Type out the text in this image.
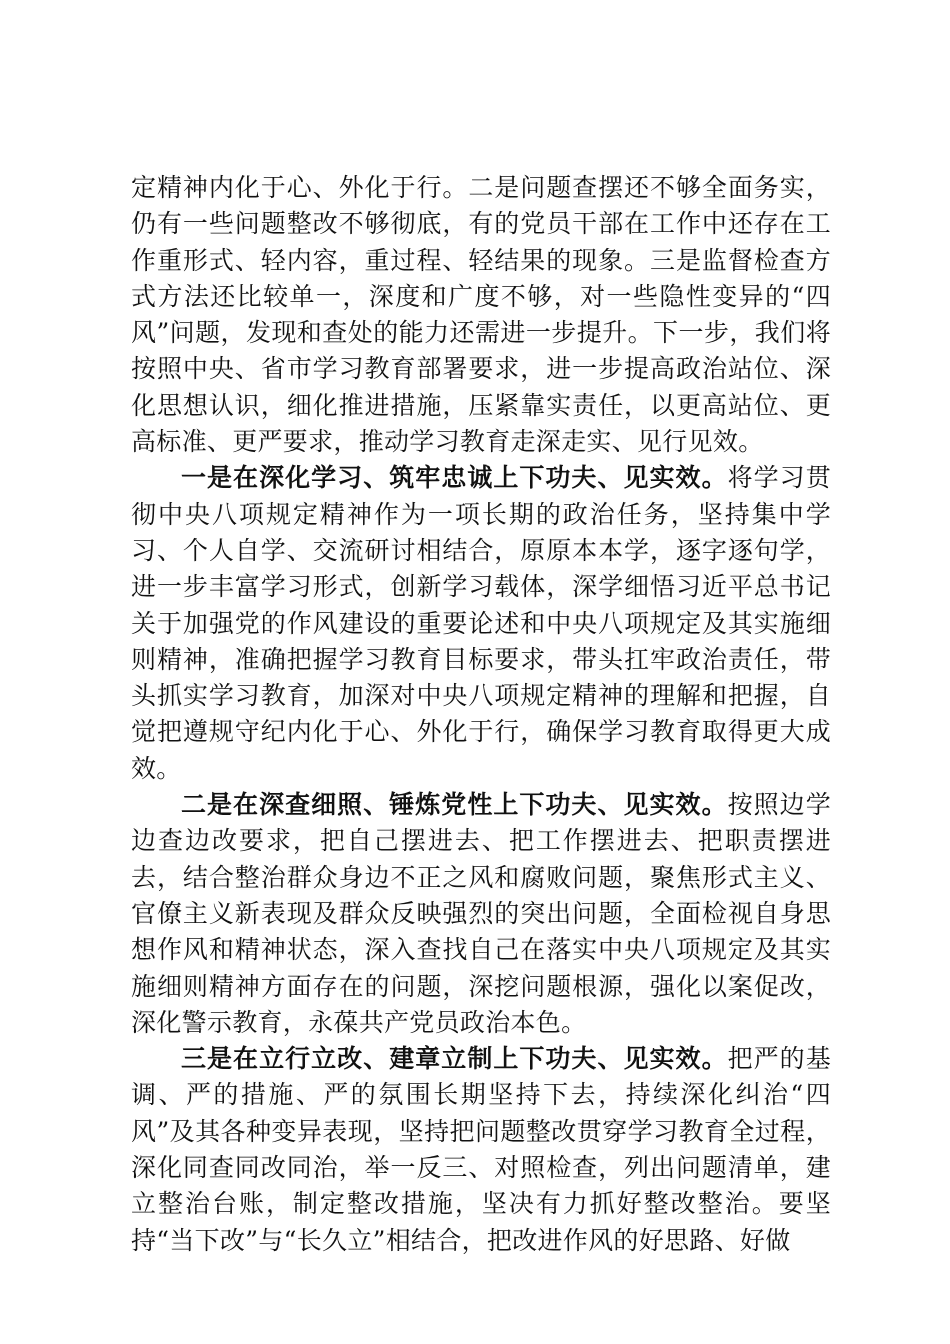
定精神内化于心、外化于行。二是问题查摆还不够全面务实，仍有一些问题整改不够彻底，有的党员干部在工作中还存在工作重形式、轻内容，重过程、轻结果的现象。三是监督检查方式方法还比较单一，深度和广度不够，对一些隐性变异的“四风”问题，发现和查处的能力还需进一步提升。下一步，我们将按照中央、省市学习教育部署要求，进一步提高政治站位、深化思想认识，细化推进措施，压紧靠实责任，以更高站位、更高标准、更严要求，推动学习教育走深走实、见行见效。

一是在深化学习、筑牢忠诚上下功夫、见实效。将学习贯彻中央八项规定精神作为一项长期的政治任务，坚持集中学习、个人自学、交流研讨相结合，原原本本学，逐字逐句学，进一步丰富学习形式，创新学习载体，深学细悟习近平总书记关于加强党的作风建设的重要论述和中央八项规定及其实施细则精神，准确把握学习教育目标要求，带头扛牢政治责任，带头抓实学习教育，加深对中央八项规定精神的理解和把握，自觉把遵规守纪内化于心、外化于行，确保学习教育取得更大成效。

二是在深查细照、锤炼党性上下功夫、见实效。按照边学边查边改要求，把自己摆进去、把工作摆进去、把职责摆进去，结合整治群众身边不正之风和腐败问题，聚焦形式主义、官僚主义新表现及群众反映强烈的突出问题，全面检视自身思想作风和精神状态，深入查找自己在落实中央八项规定及其实施细则精神方面存在的问题，深挖问题根源，强化以案促改，深化警示教育，永葆共产党员政治本色。

三是在立行立改、建章立制上下功夫、见实效。把严的基调、严的措施、严的氛围长期坚持下去，持续深化纠治“四风”及其各种变异表现，坚持把问题整改贯穿学习教育全过程，深化同查同改同治，举一反三、对照检查，列出问题清单，建立整治台账，制定整改措施，坚决有力抓好整改整治。要坚持“当下改”与“长久立”相结合，把改进作风的好思路、好做
